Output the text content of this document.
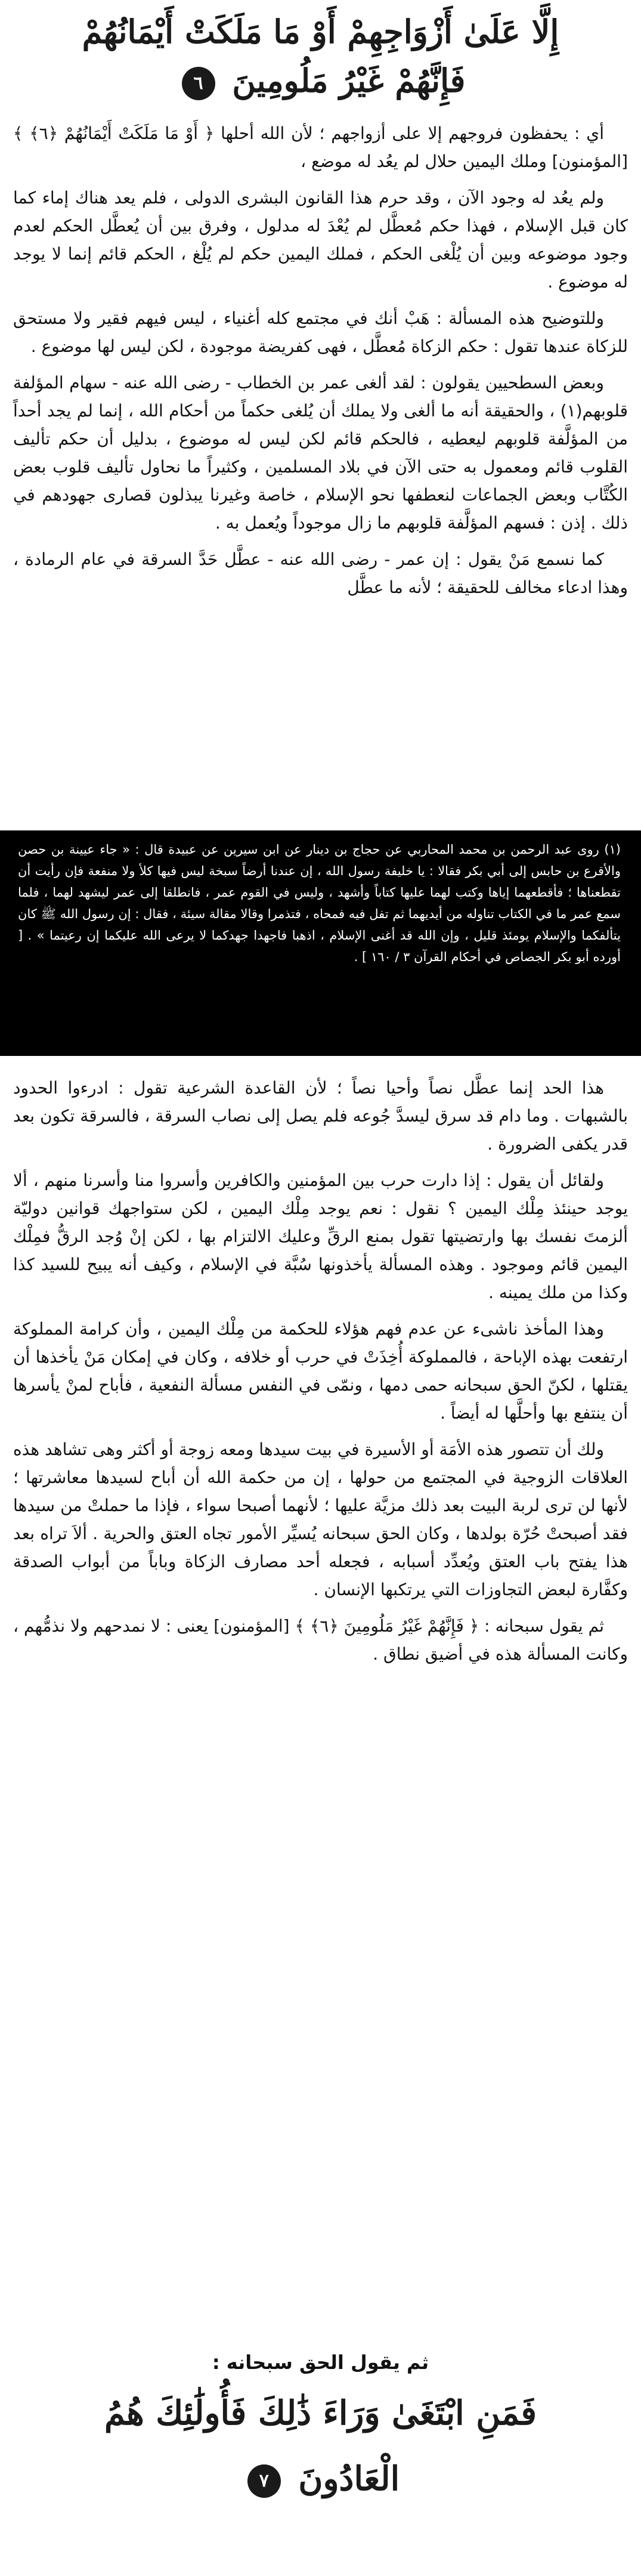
إِلَّا عَلَىٰ أَزْوَاجِهِمْ أَوْ مَا مَلَكَتْ أَيْمَانُهُمْ
فَإِنَّهُمْ غَيْرُ مَلُومِينَ ٦

أي : يحفظون فروجهم إلا على أزواجهم ؛ لأن الله أحلها ﴿ أَوْ مَا مَلَكَتْ أَيْمَانُهُمْ ﴿٦﴾ ﴾ [المؤمنون] وملك اليمين حلال لم يعُد له موضع ،

ولم يعُد له وجود الآن ، وقد حرم هذا القانون البشرى الدولى ، فلم يعد هناك إماء كما كان قبل الإسلام ، فهذا حكم مُعطَّل لم يُعْدَ له مدلول ، وفرق بين أن يُعطَّل الحكم لعدم وجود موضوعه وبين أن يُلْغى الحكم ، فملك اليمين حكم لم يُلْغ ، الحكم قائم إنما لا يوجد له موضوع .

وللتوضيح هذه المسألة : هَبْ أنك في مجتمع كله أغنياء ، ليس فيهم فقير ولا مستحق للزكاة عندها تقول : حكم الزكاة مُعطَّل ، فهى كفريضة موجودة ، لكن ليس لها موضوع .

وبعض السطحيين يقولون : لقد ألغى عمر بن الخطاب - رضى الله عنه - سهام المؤلفة قلوبهم(١) ، والحقيقة أنه ما ألغى ولا يملك أن يُلغى حكماً من أحكام الله ، إنما لم يجد أحداً من المؤلَّفة قلوبهم ليعطيه ، فالحكم قائم لكن ليس له موضوع ، بدليل أن حكم تأليف القلوب قائم ومعمول به حتى الآن في بلاد المسلمين ، وكثيراً ما نحاول تأليف قلوب بعض الكُتَّاب وبعض الجماعات لنعطفها نحو الإسلام ، خاصة وغيرنا يبذلون قصارى جهودهم في ذلك . إذن : فسهم المؤلَّفة قلوبهم ما زال موجوداً ويُعمل به .

كما نسمع مَنْ يقول : إن عمر - رضى الله عنه - عطَّل حَدَّ السرقة في عام الرمادة ، وهذا ادعاء مخالف للحقيقة ؛ لأنه ما عطَّل

(١) روى عبد الرحمن بن محمد المحاربي عن حجاج بن دينار عن ابن سيرين عن عبيدة قال : « جاء عيينة بن حصن والأقرع بن حابس إلى أبي بكر فقالا : يا خليفة رسول الله ، إن عندنا أرضاً سبخة ليس فيها كلأ ولا منفعة فإن رأيت أن تقطعناها ؛ فأقطعهما إياها وكتب لهما عليها كتاباً وأشهد ، وليس في القوم عمر ، فانطلقا إلى عمر ليشهد لهما ، فلما سمع عمر ما في الكتاب تناوله من أيديهما ثم تفل فيه فمحاه ، فتذمرا وقالا مقالة سيئة ، فقال : إن رسول الله ﷺ كان يتألفكما والإسلام يومئذ قليل ، وإن الله قد أغنى الإسلام ، اذهبا فاجهدا جهدكما لا يرعى الله عليكما إن رعيتما » . [ أورده أبو بكر الجصاص في أحكام القرآن ٣ / ١٦٠ ] .

هذا الحد إنما عطَّل نصاً وأحيا نصاً ؛ لأن القاعدة الشرعية تقول : ادرءوا الحدود بالشبهات . وما دام قد سرق ليسدَّ جُوعه فلم يصل إلى نصاب السرقة ، فالسرقة تكون بعد قدر يكفى الضرورة .

ولقائل أن يقول : إذا دارت حرب بين المؤمنين والكافرين وأسروا منا وأسرنا منهم ، ألا يوجد حينئذ مِلْك اليمين ؟ نقول : نعم يوجد مِلْك اليمين ، لكن ستواجهك قوانين دوليّة ألزمتَ نفسك بها وارتضيتها تقول بمنع الرقِّ وعليك الالتزام بها ، لكن إنْ وُجد الرقُّ فمِلْك اليمين قائم وموجود . وهذه المسألة يأخذونها سُبَّة في الإسلام ، وكيف أنه يبيح للسيد كذا وكذا من ملك يمينه .

وهذا المأخذ ناشىء عن عدم فهم هؤلاء للحكمة من مِلْك اليمين ، وأن كرامة المملوكة ارتفعت بهذه الإباحة ، فالمملوكة أُخِذَتْ في حرب أو خلافه ، وكان في إمكان مَنْ يأخذها أن يقتلها ، لكنّ الحق سبحانه حمى دمها ، ونمّى في النفس مسألة النفعية ، فأباح لمنْ يأسرها أن ينتفع بها وأحلَّها له أيضاً .

ولك أن تتصور هذه الأمَة أو الأسيرة في بيت سيدها ومعه زوجة أو أكثر وهى تشاهد هذه العلاقات الزوجية في المجتمع من حولها ، إن من حكمة الله أن أباح لسيدها معاشرتها ؛ لأنها لن ترى لربة البيت بعد ذلك مزيَّة عليها ؛ لأنهما أصبحا سواء ، فإذا ما حملتْ من سيدها فقد أصبحتْ حُرّة بولدها ، وكان الحق سبحانه يُسيِّر الأمور تجاه العتق والحرية . ألاَ تراه بعد هذا يفتح باب العتق ويُعدِّد أسبابه ، فجعله أحد مصارف الزكاة وباباً من أبواب الصدقة وكفَّارة لبعض التجاوزات التي يرتكبها الإنسان .

ثم يقول سبحانه : ﴿ فَإِنَّهُمْ غَيْرُ مَلُومِينَ ﴿٦﴾ ﴾ [المؤمنون] يعنى : لا نمدحهم ولا نذمُّهم ، وكانت المسألة هذه في أضيق نطاق .

ثم يقول الحق سبحانه :
فَمَنِ ابْتَغَىٰ وَرَاءَ ذَٰلِكَ فَأُولَٰئِكَ هُمُ الْعَادُونَ ٧
